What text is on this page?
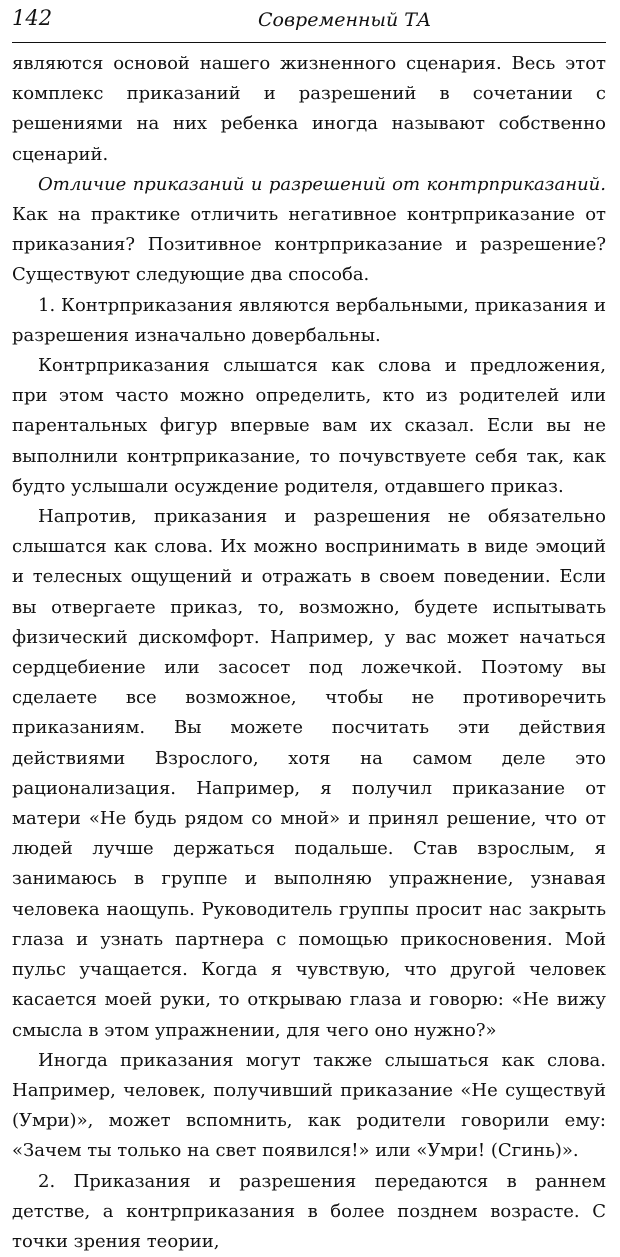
142	Современный ТА

являются основой нашего жизненного сценария. Весь этот комплекс приказаний и разрешений в сочетании с решениями на них ребенка иногда называют собственно сценарий.

Отличие приказаний и разрешений от контрприказаний. Как на практике отличить негативное контрприказание от приказания? Позитивное контрприказание и разрешение? Существуют следующие два способа.

1. Контрприказания являются вербальными, приказания и разрешения изначально довербальны.

Контрприказания слышатся как слова и предложения, при этом часто можно определить, кто из родителей или парентальных фигур впервые вам их сказал. Если вы не выполнили контрприказание, то почувствуете себя так, как будто услышали осуждение родителя, отдавшего приказ.

Напротив, приказания и разрешения не обязательно слышатся как слова. Их можно воспринимать в виде эмоций и телесных ощущений и отражать в своем поведении. Если вы отвергаете приказ, то, возможно, будете испытывать физический дискомфорт. Например, у вас может начаться сердцебиение или засосет под ложечкой. Поэтому вы сделаете все возможное, чтобы не противоречить приказаниям. Вы можете посчитать эти действия действиями Взрослого, хотя на самом деле это рационализация. Например, я получил приказание от матери «Не будь рядом со мной» и принял решение, что от людей лучше держаться подальше. Став взрослым, я занимаюсь в группе и выполняю упражнение, узнавая человека наощупь. Руководитель группы просит нас закрыть глаза и узнать партнера с помощью прикосновения. Мой пульс учащается. Когда я чувствую, что другой человек касается моей руки, то открываю глаза и говорю: «Не вижу смысла в этом упражнении, для чего оно нужно?»

Иногда приказания могут также слышаться как слова. Например, человек, получивший приказание «Не существуй (Умри)», может вспомнить, как родители говорили ему: «Зачем ты только на свет появился!» или «Умри! (Сгинь)».

2. Приказания и разрешения передаются в раннем детстве, а контрприказания в более позднем возрасте. С точки зрения теории,
